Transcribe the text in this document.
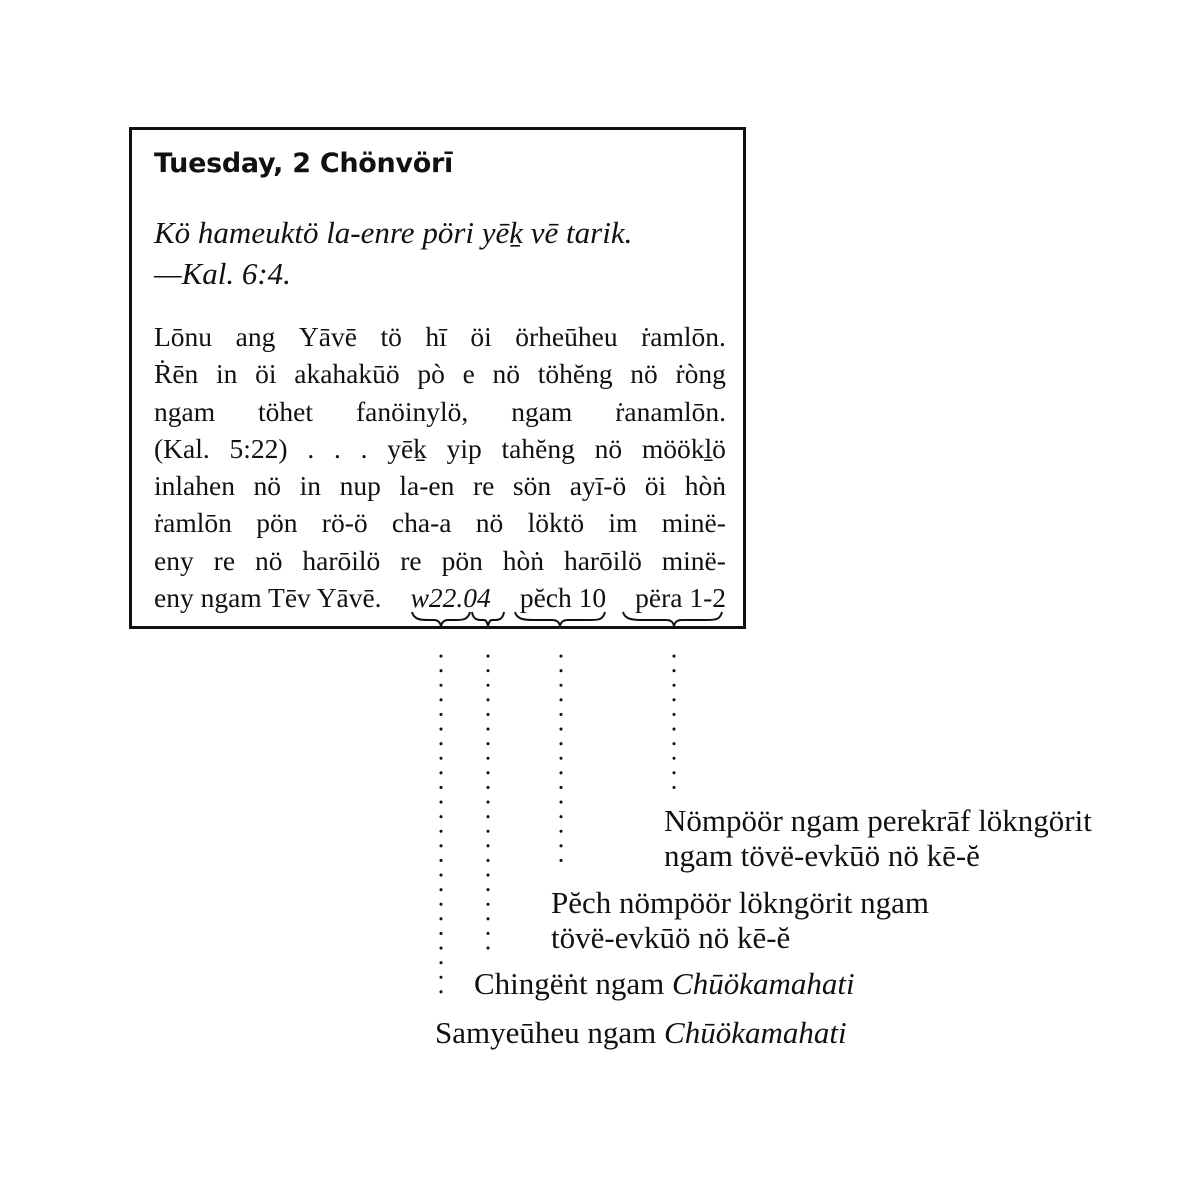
Tuesday, 2 Chönvörī
Kö hameuktö la-enre pöri yēḵ vē tarik.
—Kal. 6:4.
Lōnu ang Yāvē tö hī öi örheūheu ṙamlōn.
Ṙēn in öi akahakūö pò e nö töhĕng nö ṙòng
ngam töhet fanöinylö, ngam ṙanamlōn.
(Kal. 5:22) . . . yēḵ yip tahĕng nö möökḻö
inlahen nö in nup la-en re sön ayī-ö öi hòṅ
ṙamlōn pön rö-ö cha-a nö löktö im minë-
eny re nö harōilö re pön hòṅ harōilö minë-
eny ngam Tēv Yāvē. w22.04 pĕch 10 përa 1-2
Nömpöör ngam perekrāf lökngörit
ngam tövë-evkūö nö kē-ĕ
Pĕch nömpöör lökngörit ngam
tövë-evkūö nö kē-ĕ
Chingëṅt ngam Chūökamahati
Samyeūheu ngam Chūökamahati
